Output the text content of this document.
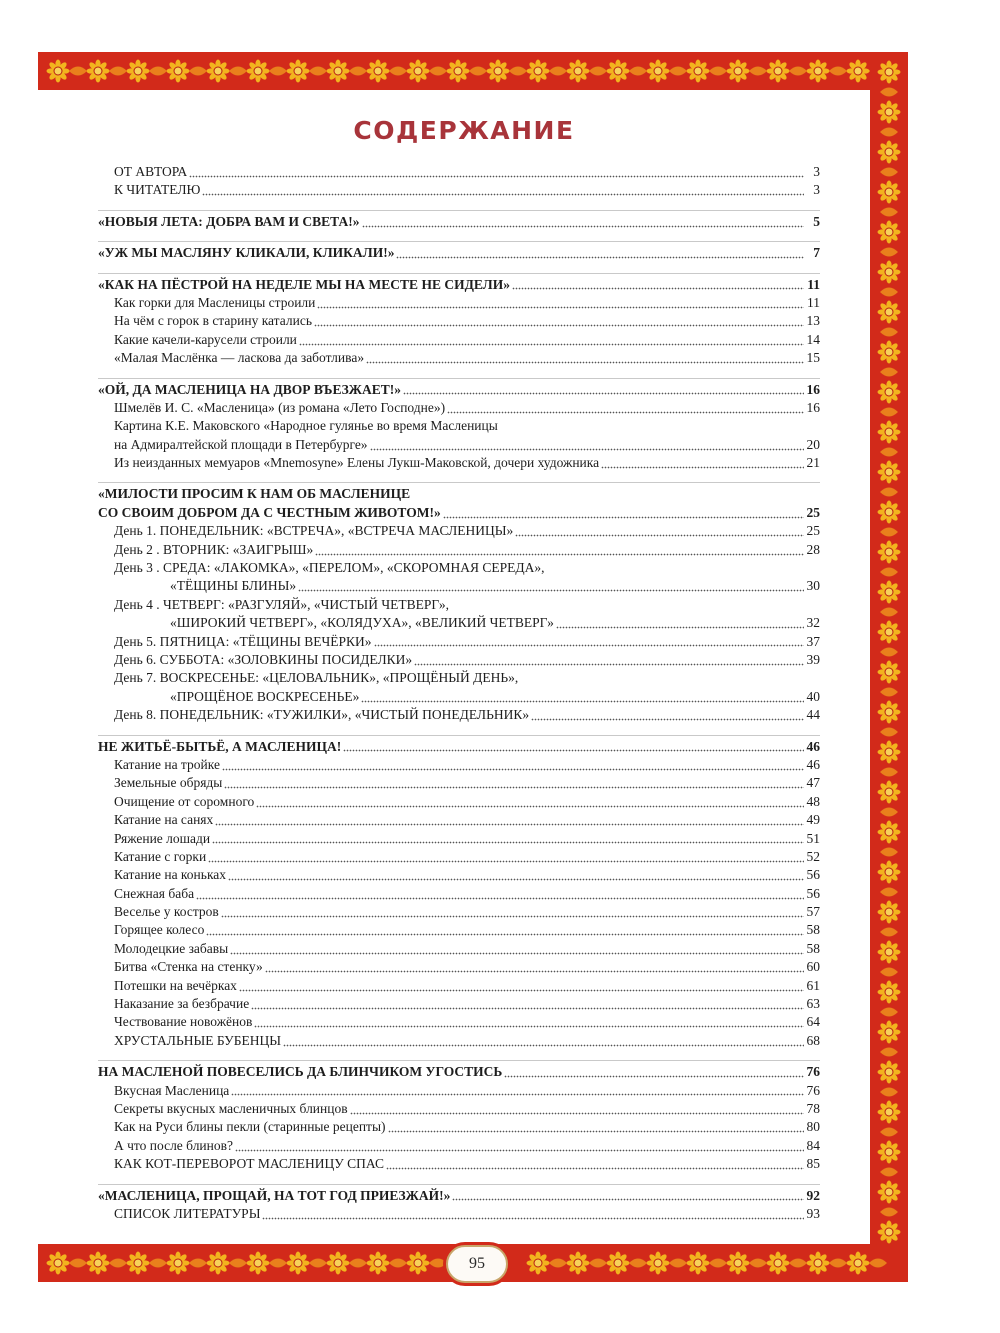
95
СОДЕРЖАНИЕ
ОТ АВТОРА	3
К ЧИТАТЕЛЮ	3
«НОВЫЯ ЛЕТА: ДОБРА ВАМ И СВЕТА!»	5
«УЖ МЫ МАСЛЯНУ КЛИКАЛИ, КЛИКАЛИ!»	7
«КАК НА ПЁСТРОЙ НА НЕДЕЛЕ МЫ НА МЕСТЕ НЕ СИДЕЛИ»	11
Как горки для Масленицы строили	11
На чём с горок в старину катались	13
Какие качели-карусели строили	14
«Малая Маслёнка — ласкова да заботлива»	15
«ОЙ, ДА МАСЛЕНИЦА НА ДВОР ВЪЕЗЖАЕТ!»	16
Шмелёв И. С. «Масленица» (из романа «Лето Господне»)	16
Картина К.Е. Маковского «Народное гулянье во время Масленицы
на Адмиралтейской площади в Петербурге»	20
Из неизданных мемуаров «Mnemosyne» Елены Лукш-Маковской, дочери художника	21
«МИЛОСТИ ПРОСИМ К НАМ ОБ МАСЛЕНИЦЕ
СО СВОИМ ДОБРОМ ДА С ЧЕСТНЫМ ЖИВОТОМ!»	25
День 1. ПОНЕДЕЛЬНИК: «ВСТРЕЧА», «ВСТРЕЧА МАСЛЕНИЦЫ»	25
День 2 . ВТОРНИК: «ЗАИГРЫШ»	28
День 3 . СРЕДА: «ЛАКОМКА», «ПЕРЕЛОМ», «СКОРОМНАЯ СЕРЕДА»,
«ТЁЩИНЫ БЛИНЫ»	30
День 4 . ЧЕТВЕРГ: «РАЗГУЛЯЙ», «ЧИСТЫЙ ЧЕТВЕРГ»,
«ШИРОКИЙ ЧЕТВЕРГ», «КОЛЯДУХА», «ВЕЛИКИЙ ЧЕТВЕРГ»	32
День 5. ПЯТНИЦА: «ТЁЩИНЫ ВЕЧЁРКИ»	37
День 6. СУББОТА: «ЗОЛОВКИНЫ ПОСИДЕЛКИ»	39
День 7. ВОСКРЕСЕНЬЕ: «ЦЕЛОВАЛЬНИК», «ПРОЩЁНЫЙ ДЕНЬ»,
«ПРОЩЁНОЕ ВОСКРЕСЕНЬЕ»	40
День 8. ПОНЕДЕЛЬНИК: «ТУЖИЛКИ», «ЧИСТЫЙ ПОНЕДЕЛЬНИК»	44
НЕ ЖИТЬЁ-БЫТЬЁ, А МАСЛЕНИЦА!	46
Катание на тройке	46
Земельные обряды	47
Очищение от соромного	48
Катание на санях	49
Ряжение лошади	51
Катание с горки	52
Катание на коньках	56
Снежная баба	56
Веселье у костров	57
Горящее колесо	58
Молодецкие забавы	58
Битва «Стенка на стенку»	60
Потешки на вечёрках	61
Наказание за безбрачие	63
Чествование новожёнов	64
ХРУСТАЛЬНЫЕ БУБЕНЦЫ	68
НА МАСЛЕНОЙ ПОВЕСЕЛИСЬ ДА БЛИНЧИКОМ УГОСТИСЬ	76
Вкусная Масленица	76
Секреты вкусных масленичных блинцов	78
Как на Руси блины пекли (старинные рецепты)	80
А что после блинов?	84
КАК КОТ-ПЕРЕВОРОТ МАСЛЕНИЦУ СПАС	85
«МАСЛЕНИЦА, ПРОЩАЙ, НА ТОТ ГОД ПРИЕЗЖАЙ!»	92
СПИСОК ЛИТЕРАТУРЫ	93
